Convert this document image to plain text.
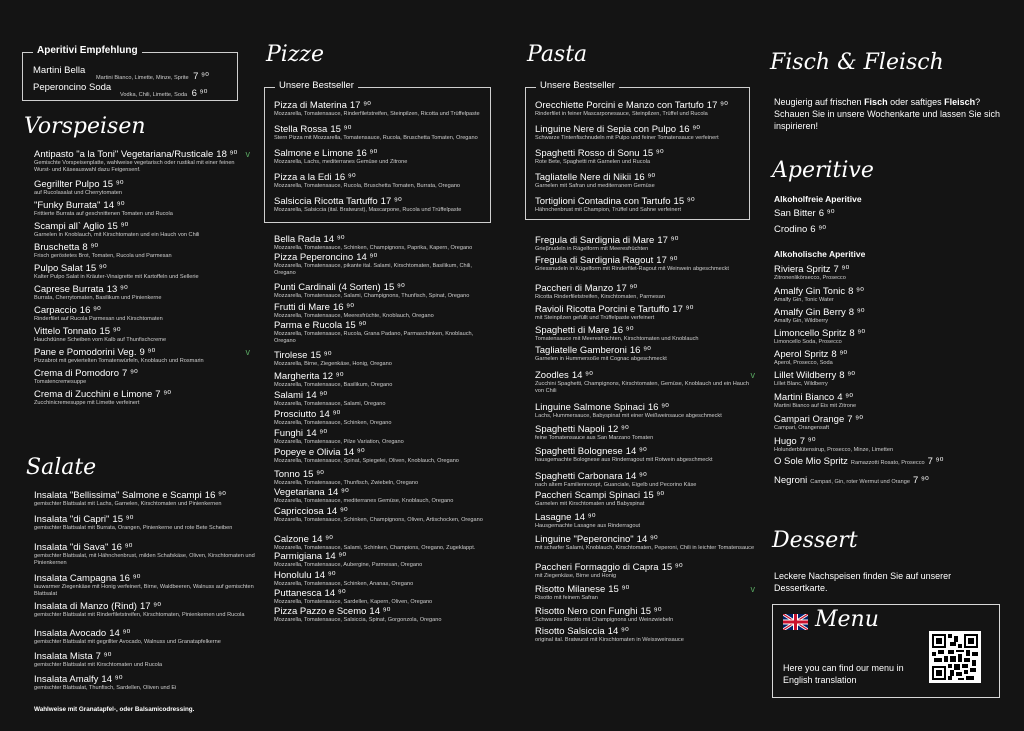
Aperitivi Empfehlung
Martini Bella
Martini Bianco, Limette, Minze, Sprite 7 ⁹⁰
Peperoncino Soda
Vodka, Chili, Limette, Soda 6 ⁹⁰
Vorspeisen
Antipasto "a la Toni" Vegetariana/Rusticale 18 ⁹⁰
Gemischte Vorspeisenplatte, wahlweise vegetarisch oder rustikal mit einer feinen Wurst- und Käseauswahl dazu Feigensenf.
v
Gegrillter Pulpo 15 ⁹⁰
auf Rucolasalat und Cherrytomaten
"Funky Burrata" 14 ⁹⁰
Frittierte Burrata auf geschnittenen Tomaten und Rucola
Scampi all` Aglio 15 ⁹⁰
Garnelen in Knoblauch, mit Kirschtomaten und ein Hauch von Chili
Bruschetta 8 ⁹⁰
Frisch geröstetes Brot, Tomaten, Rucola und Parmesan
Pulpo Salat 15 ⁹⁰
Kalter Pulpo Salat in Kräuter-Vinaigrette mit Kartoffeln und Sellerie
Caprese Burrata 13 ⁹⁰
Burrata, Cherrytomaten, Basilikum und Pinienkerne
Carpaccio 16 ⁹⁰
Rinderfilet auf Rucola Parmesan und Kirschtomaten
Vittelo Tonnato 15 ⁹⁰
Hauchdünne Scheiben vom Kalb auf Thunfischcreme
Pane e Pomodorini Veg. 9 ⁹⁰
Pizzabrot mit geviertelten Tomatenwürfeln, Knoblauch und Rosmarin
v
Crema di Pomodoro 7 ⁹⁰
Tomatencremesuppe
Crema di Zucchini e Limone 7 ⁹⁰
Zucchinicremesuppe mit Limette verfeinert
Salate
Insalata "Bellissima" Salmone e Scampi 16 ⁹⁰
gemischter Blattsalat mit Lachs, Garnelen, Kirschtomaten und Pinienkernen
Insalata "di Capri" 15 ⁹⁰
gemischter Blattsalat mit Burrata, Orangen, Pinienkerne und rote Bete Scheiben
Insalata "di Sava" 16 ⁹⁰
gemischter Blattsalat, mit Hähnchenbrust, milden Schafskäse, Oliven, Kirschtomaten und Pinienkernen
Insalata Campagna 16 ⁹⁰
lauwarmer Ziegenkäse mit Honig verfeinert, Birne, Waldbeeren, Walnuss auf gemischten Blattsalat
Insalata di Manzo (Rind) 17 ⁹⁰
gemischter Blattsalat mit Rinderfiletstreifen, Kirschtomaten, Pinienkernen und Rucola
Insalata Avocado 14 ⁹⁰
gemischter Blattsalat mit gegrillter Avocado, Walnuss und Granatapfelkerne
Insalata Mista 7 ⁹⁰
gemischter Blattsalat mit Kirschtomaten und Rucola
Insalata Amalfy 14 ⁹⁰
gemischter Blattsalat, Thunfisch, Sardellen, Oliven und Ei
Wahlweise mit Granatapfel-, oder Balsamicodressing.
Pizze
Unsere Bestseller
Pizza di Materina 17 ⁹⁰
Mozzarella, Tomatensauce, Rinderfiletstreifen, Steinpilzen, Ricotta und Trüffelpaste
Stella Rossa 15 ⁹⁰
Stern Pizza mit Mozzarella, Tomatensauce, Rucola, Bruschetta Tomaten, Oregano
Salmone e Limone 16 ⁹⁰
Mozzarella, Lachs, mediterranes Gemüse und Zitrone
Pizza a la Edi 16 ⁹⁰
Mozzarella, Tomatensauce, Rucola, Bruschetta Tomaten, Burrata, Oregano
Salsiccia Ricotta Tartuffo 17 ⁹⁰
Mozzarella, Salsiccia (ital. Bratwurst), Mascarpone, Rucola und Trüffelpaste
Bella Rada 14 ⁹⁰
Mozzarella, Tomatensauce, Schinken, Champignons, Paprika, Kapern, Oregano
Pizza Peperoncino 14 ⁹⁰
Mozzarella, Tomatensauce, pikante ital. Salami, Kirschtomaten, Basilikum, Chili, Oregano
Punti Cardinali (4 Sorten) 15 ⁹⁰
Mozzarella, Tomatensauce, Salami, Champignons, Thunfisch, Spinat, Oregano
Frutti di Mare 16 ⁹⁰
Mozzarella, Tomatensauce, Meeresfrüchte, Knoblauch, Oregano
Parma e Rucola 15 ⁹⁰
Mozzarella, Tomatensauce, Rucola, Grana Padano, Parmaschinken, Knoblauch, Oregano
Tirolese 15 ⁹⁰
Mozzarella, Birne, Ziegenkäse, Honig, Oregano
Margherita 12 ⁹⁰
Mozzarella, Tomatensauce, Basilikum, Oregano
Salami 14 ⁹⁰
Mozzarella, Tomatensauce, Salami, Oregano
Prosciutto 14 ⁹⁰
Mozzarella, Tomatensauce, Schinken, Oregano
Funghi 14 ⁹⁰
Mozzarella, Tomatensauce, Pilze Variation, Oregano
Popeye e Olivia 14 ⁹⁰
Mozzarella, Tomatensauce, Spinat, Spiegelei, Oliven, Knoblauch, Oregano
Tonno 15 ⁹⁰
Mozzarella, Tomatensauce, Thunfisch, Zwiebeln, Oregano
Vegetariana 14 ⁹⁰
Mozzarella, Tomatensauce, mediterranes Gemüse, Knoblauch, Oregano
Capricciosa 14 ⁹⁰
Mozzarella, Tomatensauce, Schinken, Champignons, Oliven, Artischocken, Oregano
Calzone 14 ⁹⁰
Mozzarella, Tomatensauce, Salami, Schinken, Champions, Oregano, Zugeklappt.
Parmigiana 14 ⁹⁰
Mozzarella, Tomatensauce, Aubergine, Parmesan, Oregano
Honolulu 14 ⁹⁰
Mozzarella, Tomatensauce, Schinken, Ananas, Oregano
Puttanesca 14 ⁹⁰
Mozzarella, Tomatensauce, Sardellen, Kapern, Oliven, Oregano
Pizza Pazzo e Scemo 14 ⁹⁰
Mozzarella, Tomatensauce, Salsiccia, Spinat, Gorgonzola, Oregano
Pasta
Unsere Bestseller
Orecchiette Porcini e Manzo con Tartufo 17 ⁹⁰
Rinderfilet in feiner Mascarponesauce, Steinpilzen, Trüffel und Rucola
Linguine Nere di Sepia con Pulpo 16 ⁹⁰
Schwarze Tintenfischnudeln mit Pulpo und feiner Tomatensauce verfeinert
Spaghetti Rosso di Sonu 15 ⁹⁰
Rote Bete, Spaghetti mit Garnelen und Rucola
Tagliatelle Nere di Nikii 16 ⁹⁰
Garnelen mit Safran und mediterranem Gemüse
Tortiglioni Contadina con Tartufo 15 ⁹⁰
Hähnchenbrust mit Champion, Trüffel und Sahne verfeinert
Fregula di Sardignia di Mare 17 ⁹⁰
Grieβnudeln in Rägelform mit Meeresfrüchten
Fregula di Sardignia Ragout 17 ⁹⁰
Griessnudeln in Kügelform mit Rinderfilet-Ragout mit Weinwein abgeschmeckt
Paccheri di Manzo 17 ⁹⁰
Ricotta Rinderfiletstreifen, Kirschtomaten, Parmesan
Ravioli Ricotta Porcini e Tartuffo 17 ⁹⁰
mit Steinpilzen gefüllt und Trüffelpaste verfeinert
Spaghetti di Mare 16 ⁹⁰
Tomatensauce mit Meeresfrüchten, Kirschtomaten und Knoblauch
Tagliatelle Gamberoni 16 ⁹⁰
Garnelen in Hummersoße mit Cognac abgeschmeckt
Zoodles 14 ⁹⁰
Zucchini Spaghetti, Champignons, Kirschtomaten, Gemüse, Knoblauch und ein Hauch von Chili
v
Linguine Salmone Spinaci 16 ⁹⁰
Lachs, Hummersauce, Babyspinat mit einer Weißweinsauce abgeschmeckt
Spaghetti Napoli 12 ⁹⁰
feine Tomatensauce aus San Marzano Tomaten
Spaghetti Bolognese 14 ⁹⁰
hausgemachte Bolognese aus Rinderragout mit Rotwein abgeschmeckt
Spaghetti Carbonara 14 ⁹⁰
nach altem Familienrezept, Guanciale, Eigelb und Pecorino Käse
Paccheri Scampi Spinaci 15 ⁹⁰
Garnelen mit Kirschtomaten und Babyspinat
Lasagne 14 ⁹⁰
Hausgemachte Lasagne aus Rinderragout
Linguine "Peperoncino" 14 ⁹⁰
mit scharfer Salami, Knoblauch, Kirschtomaten, Peperoni, Chili in leichter Tomatensauce
Paccheri Formaggio di Capra 15 ⁹⁰
mit Ziegenkäse, Birne und Honig
Risotto Milanese 15 ⁹⁰
Risotto mit feinem Safran
v
Risotto Nero con Funghi 15 ⁹⁰
Schwarzes Risotto mit Champignons und Weinzwiebeln
Risotto Salsiccia 14 ⁹⁰
original ital. Bratwurst mit Kirschtomaten in Weissweinsauce
Fisch & Fleisch

Neugierig auf frischen Fisch oder saftiges Fleisch? Schauen Sie in unsere Wochenkarte und lassen Sie sich inspirieren!

Aperitive
Alkoholfreie Aperitive
San Bitter 6 ⁹⁰
Crodino 6 ⁹⁰
Alkoholische Aperitive
Riviera Spritz 7 ⁹⁰
Zitronenlikörsecco, Prosecco
Amalfy Gin Tonic 8 ⁹⁰
Amalfy Gin, Tonic Water
Amalfy Gin Berry 8 ⁹⁰
Amalfy Gin, Wildberry
Limoncello Spritz 8 ⁹⁰
Limoncello Soda, Prosecco
Aperol Spritz 8 ⁹⁰
Aperol, Prosecco, Soda
Lillet Wildberry 8 ⁹⁰
Lillet Blanc, Wildberry
Martini Bianco 4 ⁹⁰
Martini Bianco auf Eis mit Zitrone
Campari Orange 7 ⁹⁰
Campari, Orangensaft
Hugo 7 ⁹⁰
Holunderblütensirup, Prosecco, Minze, Limetten
O Sole Mio Spritz Ramazzotti Rosato, Prosecco 7 ⁹⁰
Negroni Campari, Gin, roter Wermut und Orange 7 ⁹⁰
Dessert

Leckere Nachspeisen finden Sie auf unserer Dessertkarte.

Menu

Here you can find our menu in English translation
